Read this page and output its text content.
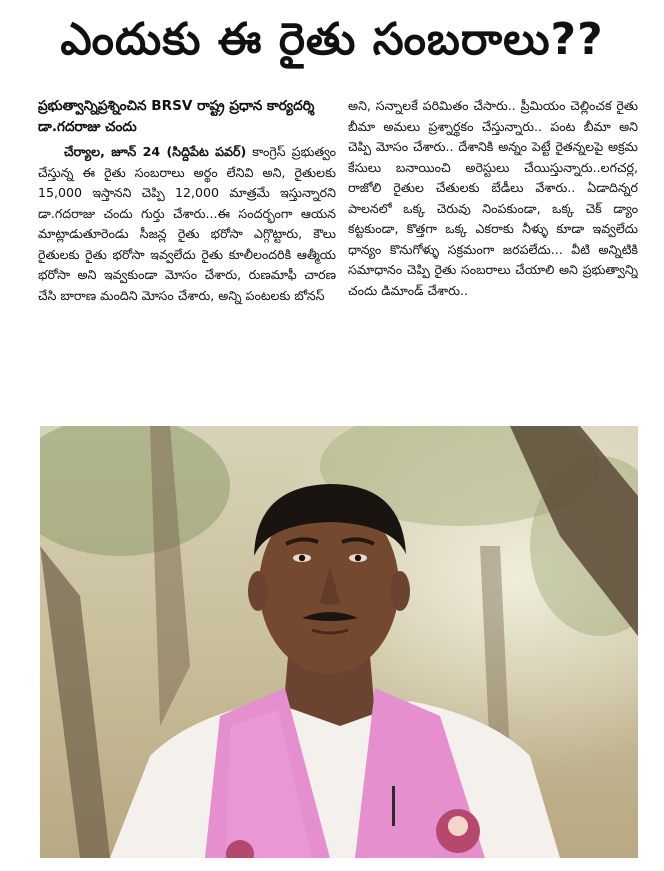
ఎందుకు ఈ రైతు సంబరాలు??
ప్రభుత్వాన్నిప్రశ్నించిన BRSV రాష్ట్ర ప్రధాన కార్యదర్శి డా.గదరాజు చందు

చేర్యాల, జూన్ 24 (సిద్దిపేట పవర్) కాంగ్రెస్ ప్రభుత్వం చేస్తున్న ఈ రైతు సంబరాలు అర్థం లేనివి అని, రైతులకు 15,000 ఇస్తానని చెప్పి 12,000 మాత్రమే ఇస్తున్నారని డా.గదరాజు చందు గుర్తు చేశారు...ఈ సందర్భంగా ఆయన మాట్లాడుతూరెండు సీజన్ల రైతు భరోసా ఎగ్గొట్టారు, కౌలు రైతులకు రైతు భరోసా ఇవ్వలేదు రైతు కూలీలందరికి ఆత్మీయ భరోసా అని ఇవ్వకుండా మోసం చేశారు, రుణమాఫీ చారణ చేసి బారాణ మందిని మోసం చేశారు, అన్ని పంటలకు బోనస్

అని, సన్నాలకే పరిమితం చేసారు.. ప్రీమియం చెల్లించక రైతు బీమా అమలు ప్రశ్నార్థకం చేస్తున్నారు.. పంట బీమా అని చెప్పి మోసం చేశారు.. దేశానికి అన్నం పెట్టే రైతన్నలపై అక్రమ కేసులు బనాయించి అరెస్టులు చేయిస్తున్నారు..లగచర్ల, రాజోలి రైతుల చేతులకు బేడీలు వేశారు.. ఏడాదిన్నర పాలనలో ఒక్క చెరువు నింపకుండా, ఒక్క చెక్ డ్యాం కట్టకుండా, కొత్తగా ఒక్క ఎకరాకు నీళ్ళు కూడా ఇవ్వలేదు ధాన్యం కొనుగోళ్ళు సక్రమంగా జరపలేదు... వీటి అన్నిటికి సమాధానం చెప్పి రైతు సంబరాలు చేయాలి అని ప్రభుత్వాన్ని చందు డిమాండ్ చేశారు..
